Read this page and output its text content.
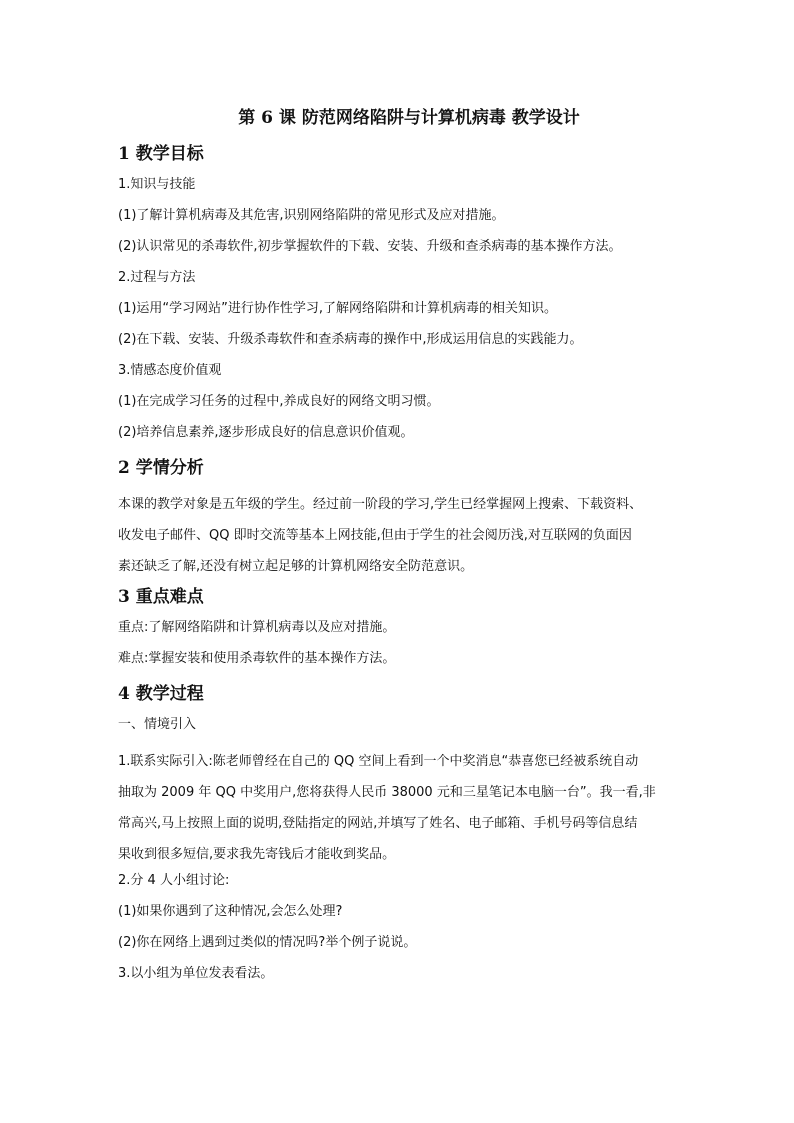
第 6 课 防范网络陷阱与计算机病毒 教学设计
1 教学目标
1.知识与技能
(1)了解计算机病毒及其危害,识别网络陷阱的常见形式及应对措施。
(2)认识常见的杀毒软件,初步掌握软件的下载、安装、升级和查杀病毒的基本操作方法。
2.过程与方法
(1)运用“学习网站”进行协作性学习,了解网络陷阱和计算机病毒的相关知识。
(2)在下载、安装、升级杀毒软件和查杀病毒的操作中,形成运用信息的实践能力。
3.情感态度价值观
(1)在完成学习任务的过程中,养成良好的网络文明习惯。
(2)培养信息素养,逐步形成良好的信息意识价值观。
2 学情分析
本课的教学对象是五年级的学生。经过前一阶段的学习,学生已经掌握网上搜索、下载资料、
收发电子邮件、QQ 即时交流等基本上网技能,但由于学生的社会阅历浅,对互联网的负面因
素还缺乏了解,还没有树立起足够的计算机网络安全防范意识。
3 重点难点
重点:了解网络陷阱和计算机病毒以及应对措施。
难点:掌握安装和使用杀毒软件的基本操作方法。
4 教学过程
一、情境引入
1.联系实际引入:陈老师曾经在自己的 QQ 空间上看到一个中奖消息“恭喜您已经被系统自动
抽取为 2009 年 QQ 中奖用户,您将获得人民币 38000 元和三星笔记本电脑一台”。我一看,非
常高兴,马上按照上面的说明,登陆指定的网站,并填写了姓名、电子邮箱、手机号码等信息结
果收到很多短信,要求我先寄钱后才能收到奖品。
2.分 4 人小组讨论:
(1)如果你遇到了这种情况,会怎么处理?
(2)你在网络上遇到过类似的情况吗?举个例子说说。
3.以小组为单位发表看法。
